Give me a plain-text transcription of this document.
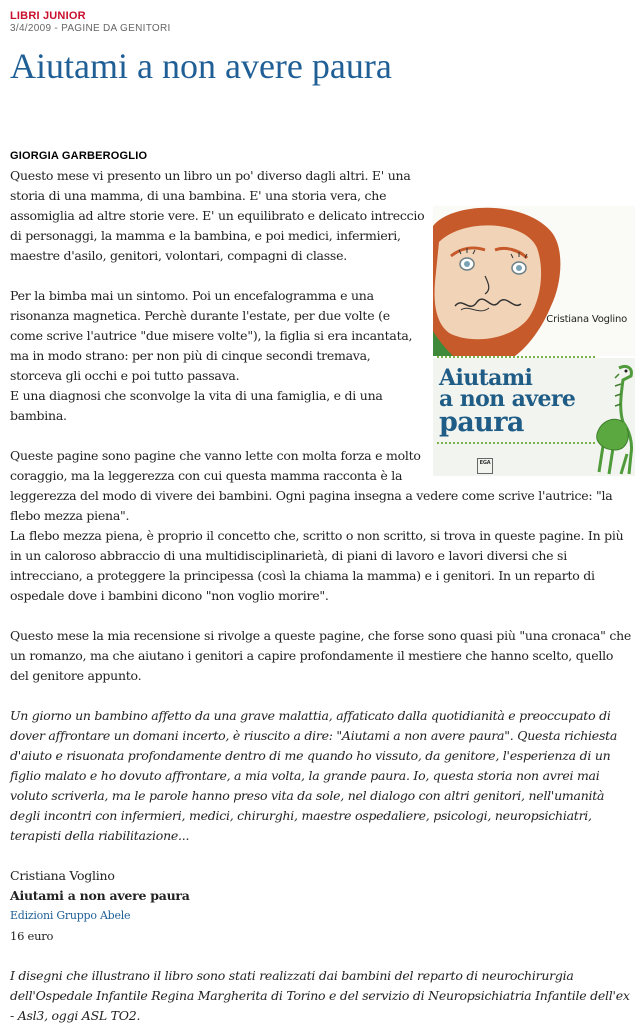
LIBRI JUNIOR
3/4/2009 - PAGINE DA GENITORI
Aiutami a non avere paura
GIORGIA GARBEROGLIO
Cristiana Voglino
Aiutami
a non avere
paura
EGA

Questo mese vi presento un libro un po' diverso dagli altri. E' una storia di una mamma, di una bambina. E' una storia vera, che assomiglia ad altre storie vere. E' un equilibrato e delicato intreccio di personaggi, la mamma e la bambina, e poi medici, infermieri, maestre d'asilo, genitori, volontari, compagni di classe.

Per la bimba mai un sintomo. Poi un encefalogramma e una risonanza magnetica. Perchè durante l'estate, per due volte (e come scrive l'autrice "due misere volte"), la figlia si era incantata, ma in modo strano: per non più di cinque secondi tremava, storceva gli occhi e poi tutto passava.

E una diagnosi che sconvolge la vita di una famiglia, e di una bambina.

Queste pagine sono pagine che vanno lette con molta forza e molto coraggio, ma la leggerezza con cui questa mamma racconta è la leggerezza del modo di vivere dei bambini. Ogni pagina insegna a vedere come scrive l'autrice: "la flebo mezza piena".

La flebo mezza piena, è proprio il concetto che, scritto o non scritto, si trova in queste pagine. In più in un caloroso abbraccio di una multidisciplinarietà, di piani di lavoro e lavori diversi che si intrecciano, a proteggere la principessa (così la chiama la mamma) e i genitori. In un reparto di ospedale dove i bambini dicono "non voglio morire".

Questo mese la mia recensione si rivolge a queste pagine, che forse sono quasi più "una cronaca" che un romanzo, ma che aiutano i genitori a capire profondamente il mestiere che hanno scelto, quello del genitore appunto.

Un giorno un bambino affetto da una grave malattia, affaticato dalla quotidianità e preoccupato di dover affrontare un domani incerto, è riuscito a dire: "Aiutami a non avere paura". Questa richiesta d'aiuto e risuonata profondamente dentro di me quando ho vissuto, da genitore, l'esperienza di un figlio malato e ho dovuto affrontare, a mia volta, la grande paura. Io, questa storia non avrei mai voluto scriverla, ma le parole hanno preso vita da sole, nel dialogo con altri genitori, nell'umanità degli incontri con infermieri, medici, chirurghi, maestre ospedaliere, psicologi, neuropsichiatri, terapisti della riabilitazione...

Cristiana Voglino

Aiutami a non avere paura

Edizioni Gruppo Abele

16 euro

I disegni che illustrano il libro sono stati realizzati dai bambini del reparto di neurochirurgia dell'Ospedale Infantile Regina Margherita di Torino e del servizio di Neuropsichiatria Infantile dell'ex - Asl3, oggi ASL TO2.
